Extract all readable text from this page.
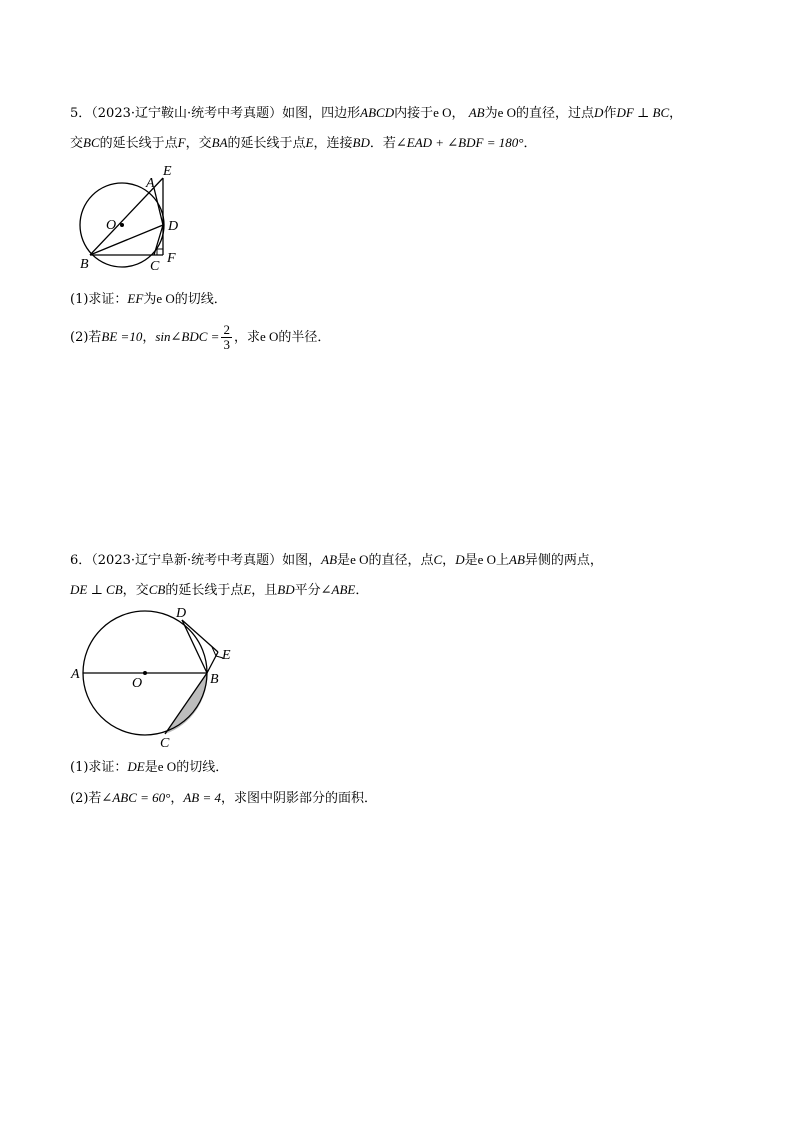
5．（2023·辽宁鞍山·统考中考真题）如图，四边形ABCD内接于e O， AB为e O的直径，过点D作DF ⊥ BC，
交BC的延长线于点F，交BA的延长线于点E，连接BD．若∠EAD + ∠BDF = 180°．
A
E
O	D
B	C
F
(1)求证：EF为e O的切线．
(2)若BE =10，sin∠BDC = $\frac{2}{3}$ ，求e O的半径．
6．（2023·辽宁阜新·统考中考真题）如图，AB是e O的直径，点C，D是e O上AB异侧的两点，
DE ⊥ CB，交CB的延长线于点E，且BD平分∠ABE．
D
E
A
O	B
C
(1)求证：DE是e O的切线．
(2)若∠ABC = 60°，AB = 4，求图中阴影部分的面积．
